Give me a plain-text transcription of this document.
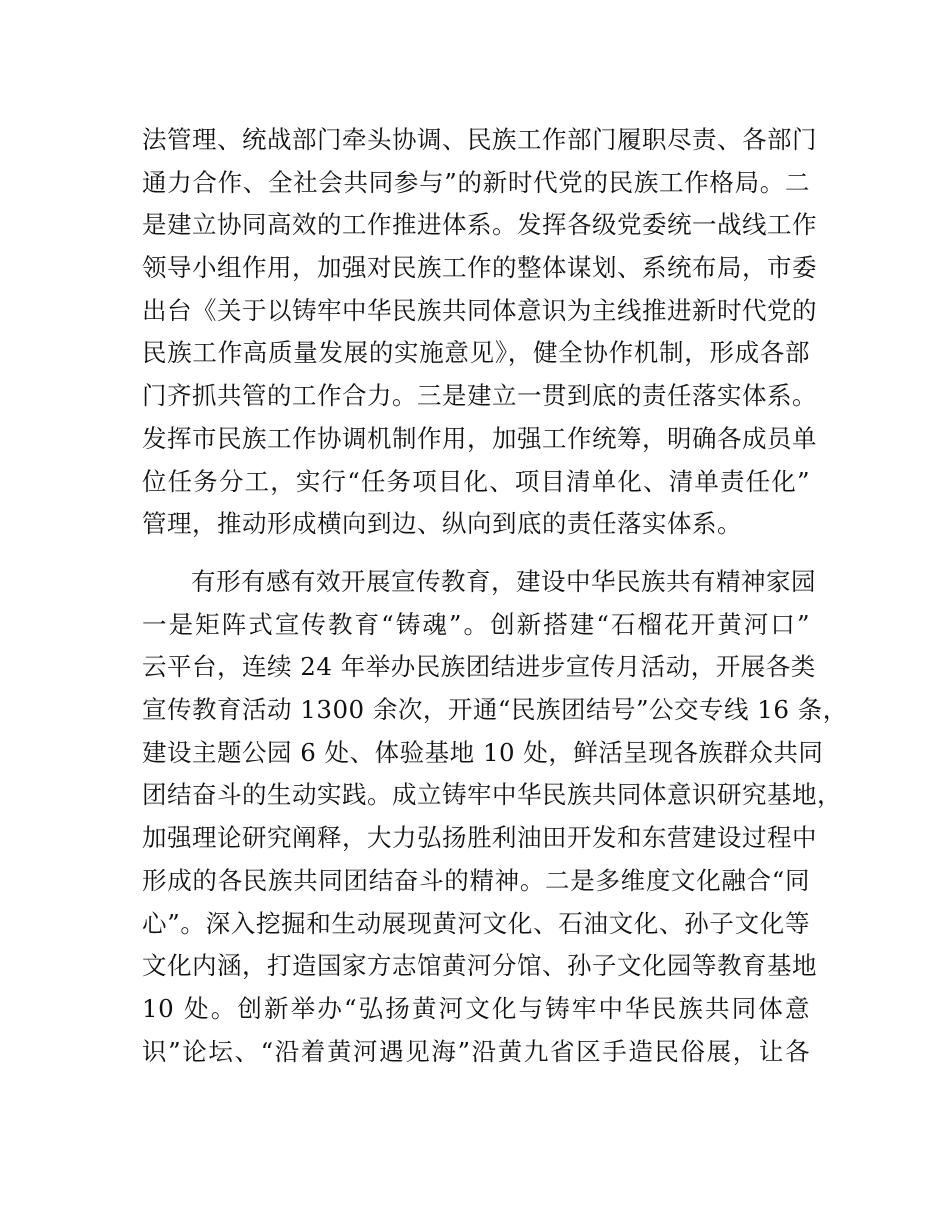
法管理、统战部门牵头协调、民族工作部门履职尽责、各部门
通力合作、全社会共同参与”的新时代党的民族工作格局。二
是建立协同高效的工作推进体系。发挥各级党委统一战线工作
领导小组作用，加强对民族工作的整体谋划、系统布局，市委
出台《关于以铸牢中华民族共同体意识为主线推进新时代党的
民族工作高质量发展的实施意见》，健全协作机制，形成各部
门齐抓共管的工作合力。三是建立一贯到底的责任落实体系。
发挥市民族工作协调机制作用，加强工作统筹，明确各成员单
位任务分工，实行“任务项目化、项目清单化、清单责任化”
管理，推动形成横向到边、纵向到底的责任落实体系。
有形有感有效开展宣传教育，建设中华民族共有精神家园
一是矩阵式宣传教育“铸魂”。创新搭建“石榴花开黄河口”
云平台，连续 24 年举办民族团结进步宣传月活动，开展各类
宣传教育活动 1300 余次，开通“民族团结号”公交专线 16 条，
建设主题公园 6 处、体验基地 10 处，鲜活呈现各族群众共同
团结奋斗的生动实践。成立铸牢中华民族共同体意识研究基地，
加强理论研究阐释，大力弘扬胜利油田开发和东营建设过程中
形成的各民族共同团结奋斗的精神。二是多维度文化融合“同
心”。深入挖掘和生动展现黄河文化、石油文化、孙子文化等
文化内涵，打造国家方志馆黄河分馆、孙子文化园等教育基地
10 处。创新举办“弘扬黄河文化与铸牢中华民族共同体意
识”论坛、“沿着黄河遇见海”沿黄九省区手造民俗展，让各
